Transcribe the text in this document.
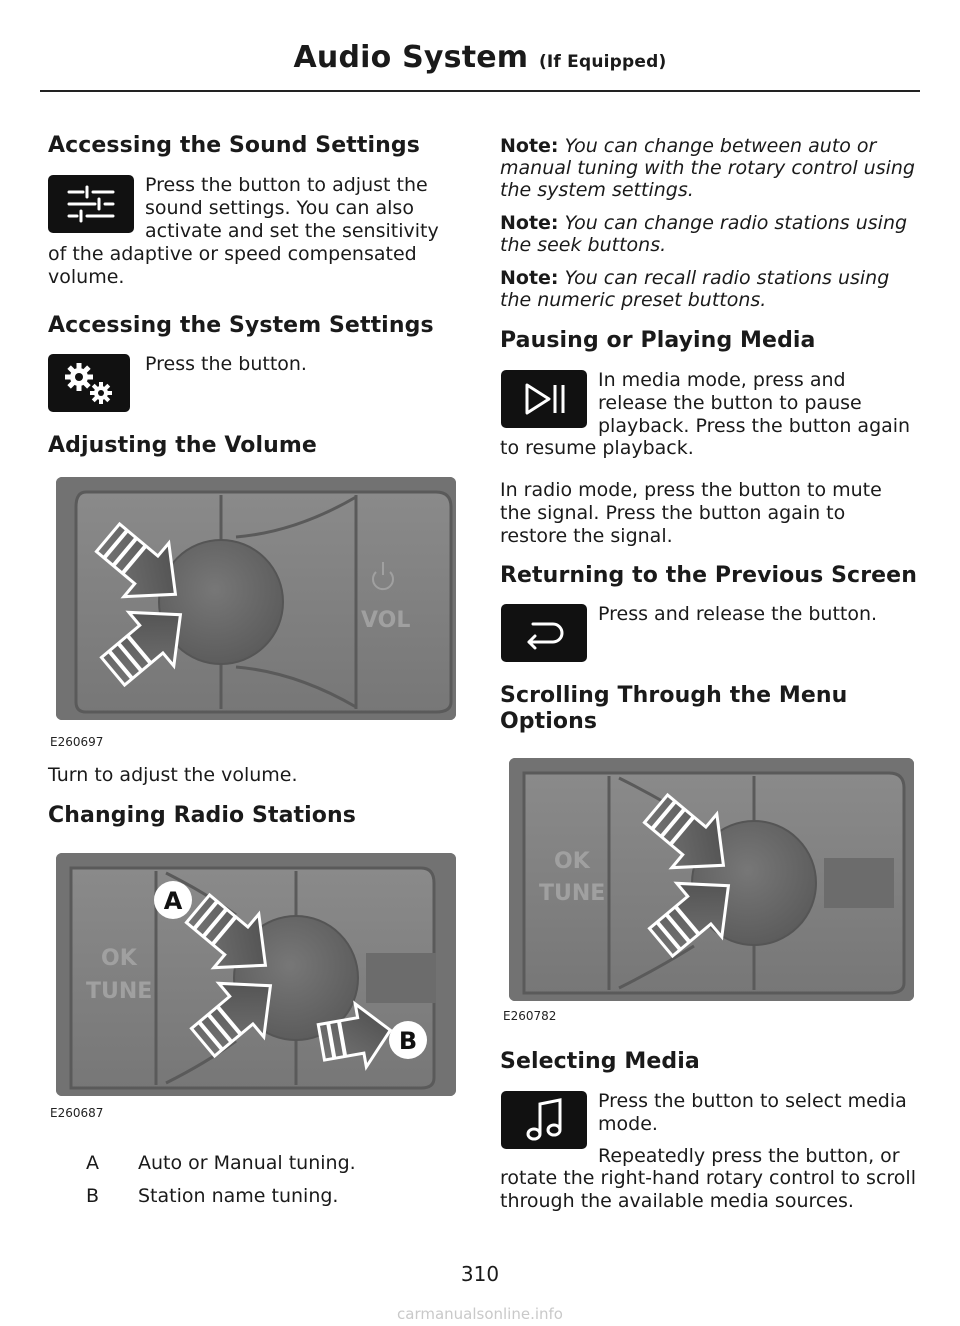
Audio System (If Equipped)
Accessing the Sound Settings

Press the button to adjust the sound settings. You can also activate and set the sensitivity

of the adaptive or speed compensated volume.

Accessing the System Settings

Press the button.

Adjusting the Volume
VOL
E260697

Turn to adjust the volume.

Changing Radio Stations
OK
TUNE
A
B
E260687
A Auto or Manual tuning.

B Station name tuning.

Note: You can change between auto or manual tuning with the rotary control using the system settings.

Note: You can change radio stations using the seek buttons.

Note: You can recall radio stations using the numeric preset buttons.

Pausing or Playing Media

In media mode, press and release the button to pause playback. Press the button again

to resume playback.

In radio mode, press the button to mute the signal. Press the button again to restore the signal.

Returning to the Previous Screen

Press and release the button.

Scrolling Through the Menu Options
OK
TUNE
E260782
Selecting Media

Press the button to select media mode.

Repeatedly press the button, or

rotate the right-hand rotary control to scroll through the available media sources.

310
carmanualsonline.info
